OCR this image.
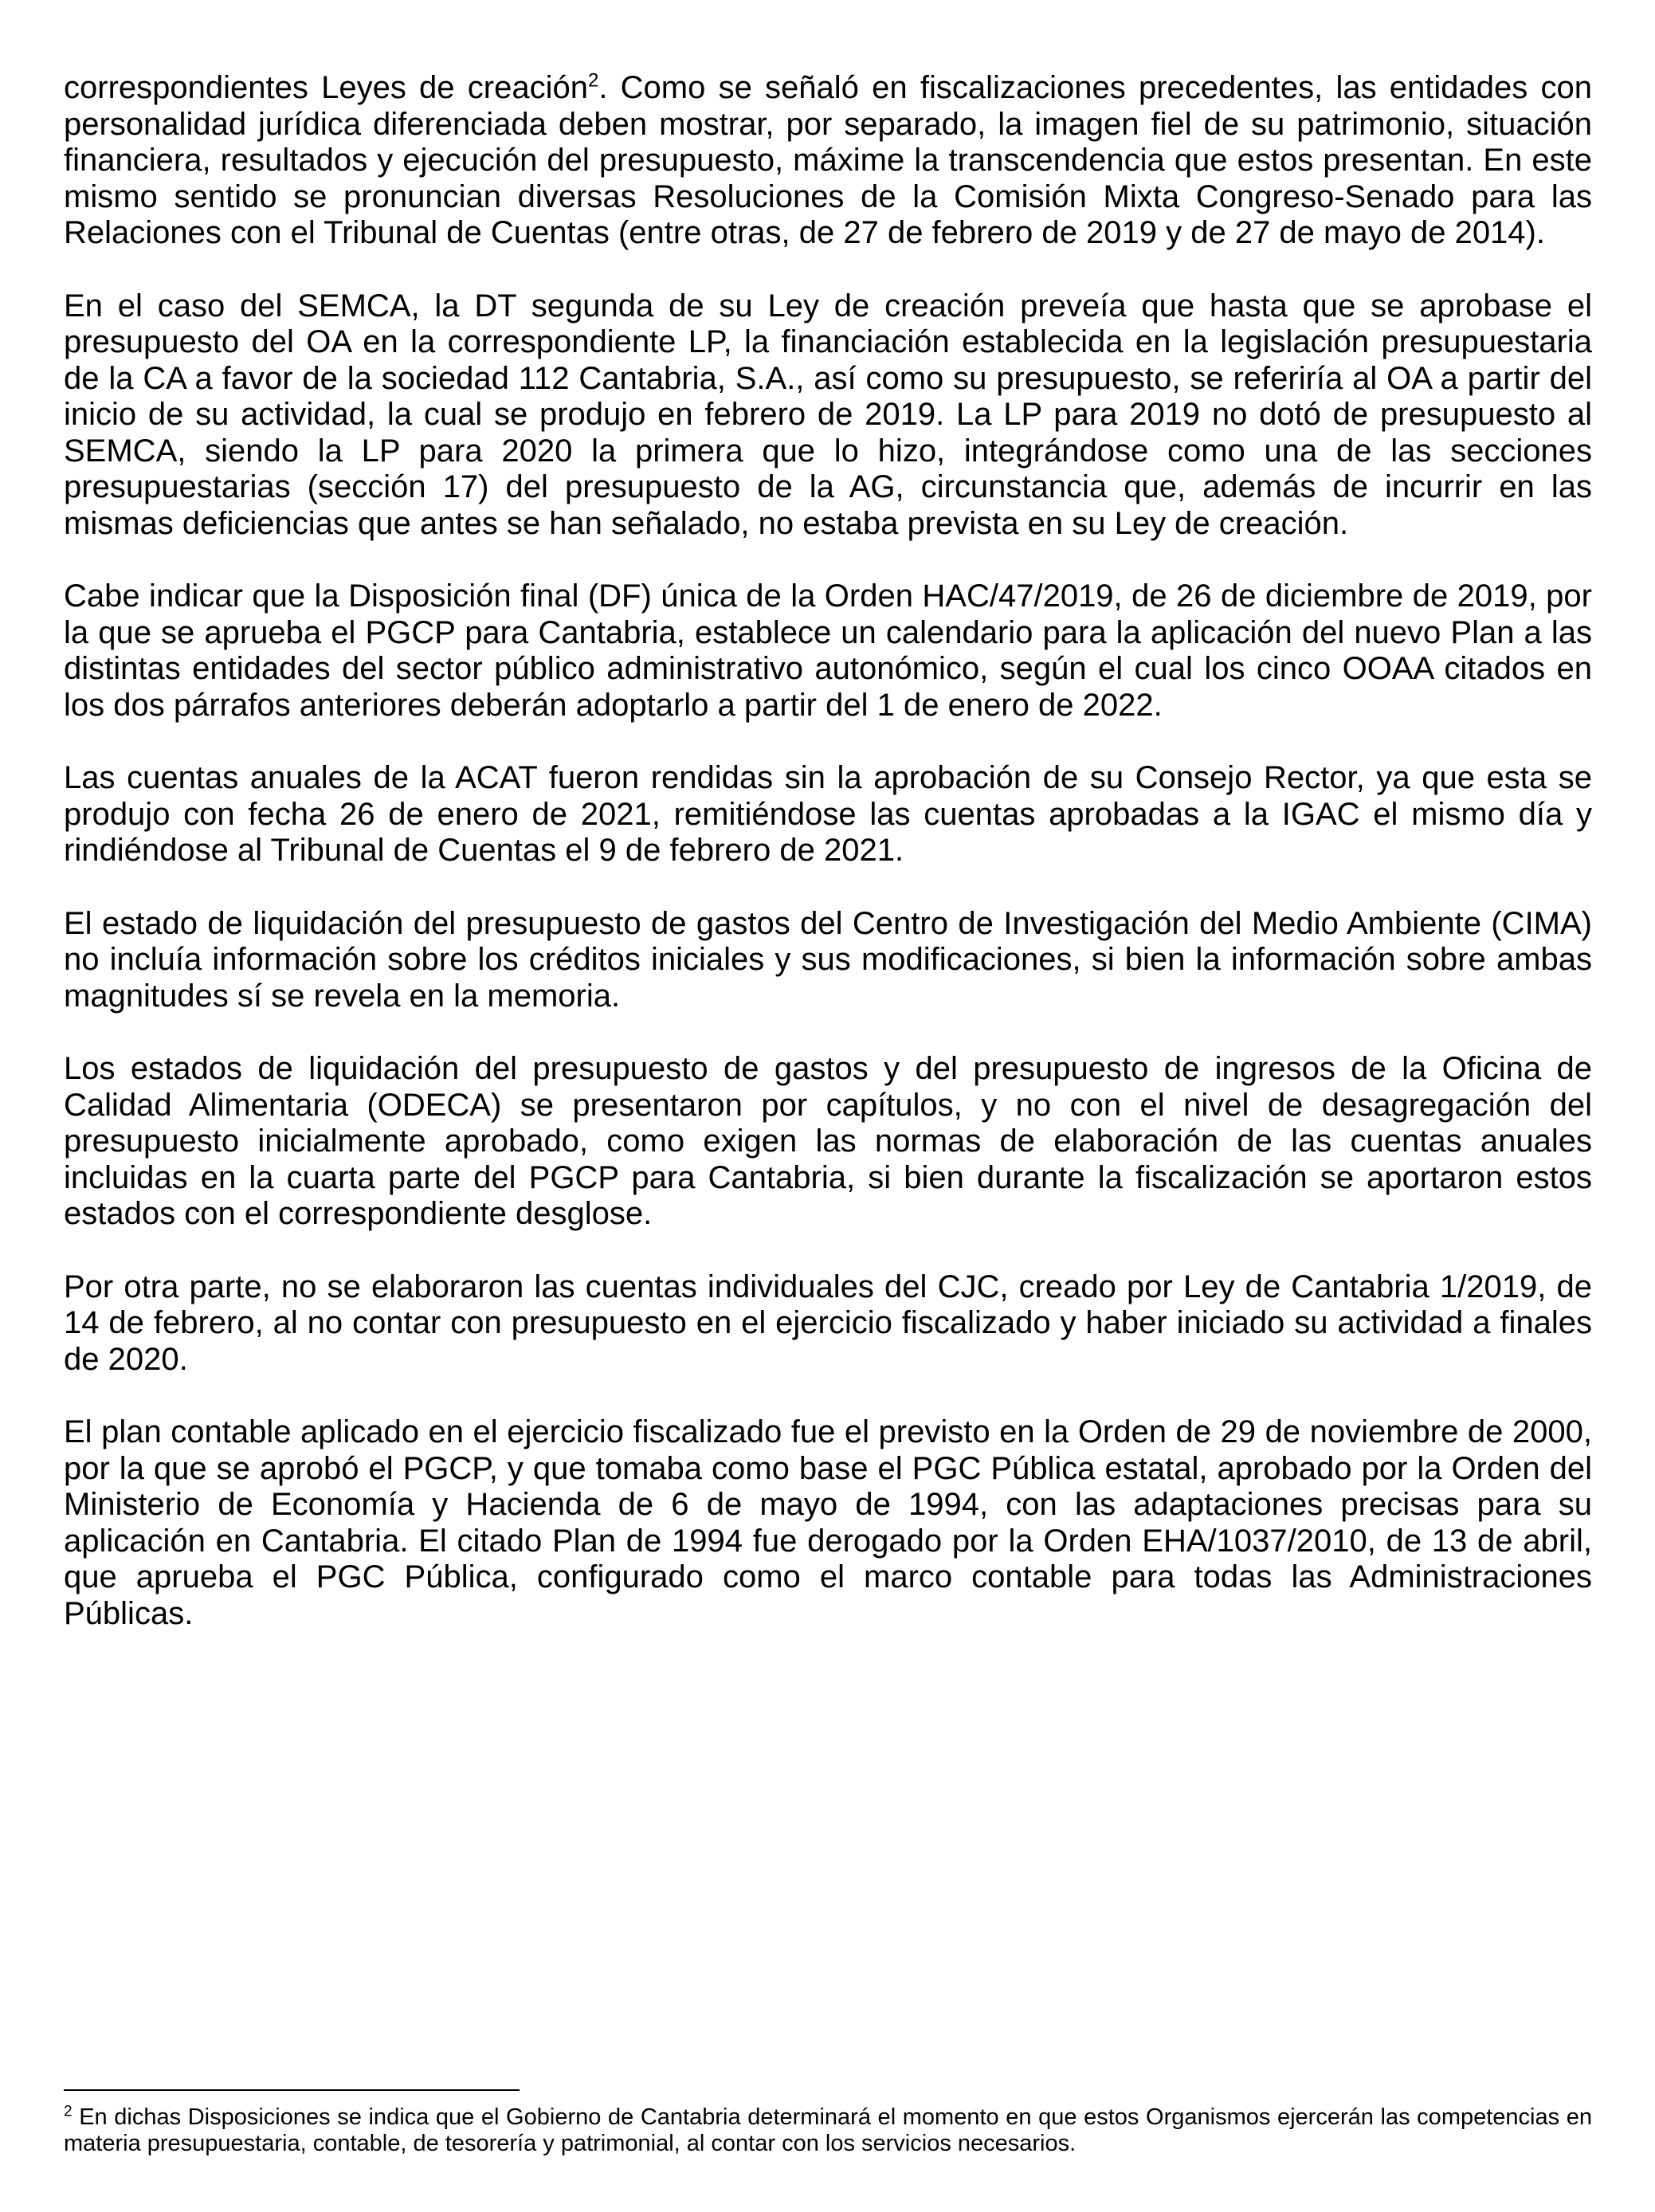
correspondientes Leyes de creación$^2$. Como se señaló en fiscalizaciones precedentes, las entidades con personalidad jurídica diferenciada deben mostrar, por separado, la imagen fiel de su patrimonio, situación financiera, resultados y ejecución del presupuesto, máxime la transcendencia que estos presentan. En este mismo sentido se pronuncian diversas Resoluciones de la Comisión Mixta Congreso-Senado para las Relaciones con el Tribunal de Cuentas (entre otras, de 27 de febrero de 2019 y de 27 de mayo de 2014).

En el caso del SEMCA, la DT segunda de su Ley de creación preveía que hasta que se aprobase el presupuesto del OA en la correspondiente LP, la financiación establecida en la legislación presupuestaria de la CA a favor de la sociedad 112 Cantabria, S.A., así como su presupuesto, se referiría al OA a partir del inicio de su actividad, la cual se produjo en febrero de 2019. La LP para 2019 no dotó de presupuesto al SEMCA, siendo la LP para 2020 la primera que lo hizo, integrándose como una de las secciones presupuestarias (sección 17) del presupuesto de la AG, circunstancia que, además de incurrir en las mismas deficiencias que antes se han señalado, no estaba prevista en su Ley de creación.

Cabe indicar que la Disposición final (DF) única de la Orden HAC/47/2019, de 26 de diciembre de 2019, por la que se aprueba el PGCP para Cantabria, establece un calendario para la aplicación del nuevo Plan a las distintas entidades del sector público administrativo autonómico, según el cual los cinco OOAA citados en los dos párrafos anteriores deberán adoptarlo a partir del 1 de enero de 2022.

Las cuentas anuales de la ACAT fueron rendidas sin la aprobación de su Consejo Rector, ya que esta se produjo con fecha 26 de enero de 2021, remitiéndose las cuentas aprobadas a la IGAC el mismo día y rindiéndose al Tribunal de Cuentas el 9 de febrero de 2021.

El estado de liquidación del presupuesto de gastos del Centro de Investigación del Medio Ambiente (CIMA) no incluía información sobre los créditos iniciales y sus modificaciones, si bien la información sobre ambas magnitudes sí se revela en la memoria.

Los estados de liquidación del presupuesto de gastos y del presupuesto de ingresos de la Oficina de Calidad Alimentaria (ODECA) se presentaron por capítulos, y no con el nivel de desagregación del presupuesto inicialmente aprobado, como exigen las normas de elaboración de las cuentas anuales incluidas en la cuarta parte del PGCP para Cantabria, si bien durante la fiscalización se aportaron estos estados con el correspondiente desglose.

Por otra parte, no se elaboraron las cuentas individuales del CJC, creado por Ley de Cantabria 1/2019, de 14 de febrero, al no contar con presupuesto en el ejercicio fiscalizado y haber iniciado su actividad a finales de 2020.

El plan contable aplicado en el ejercicio fiscalizado fue el previsto en la Orden de 29 de noviembre de 2000, por la que se aprobó el PGCP, y que tomaba como base el PGC Pública estatal, aprobado por la Orden del Ministerio de Economía y Hacienda de 6 de mayo de 1994, con las adaptaciones precisas para su aplicación en Cantabria. El citado Plan de 1994 fue derogado por la Orden EHA/1037/2010, de 13 de abril, que aprueba el PGC Pública, configurado como el marco contable para todas las Administraciones Públicas.

$^2$ En dichas Disposiciones se indica que el Gobierno de Cantabria determinará el momento en que estos Organismos ejercerán las competencias en materia presupuestaria, contable, de tesorería y patrimonial, al contar con los servicios necesarios.
